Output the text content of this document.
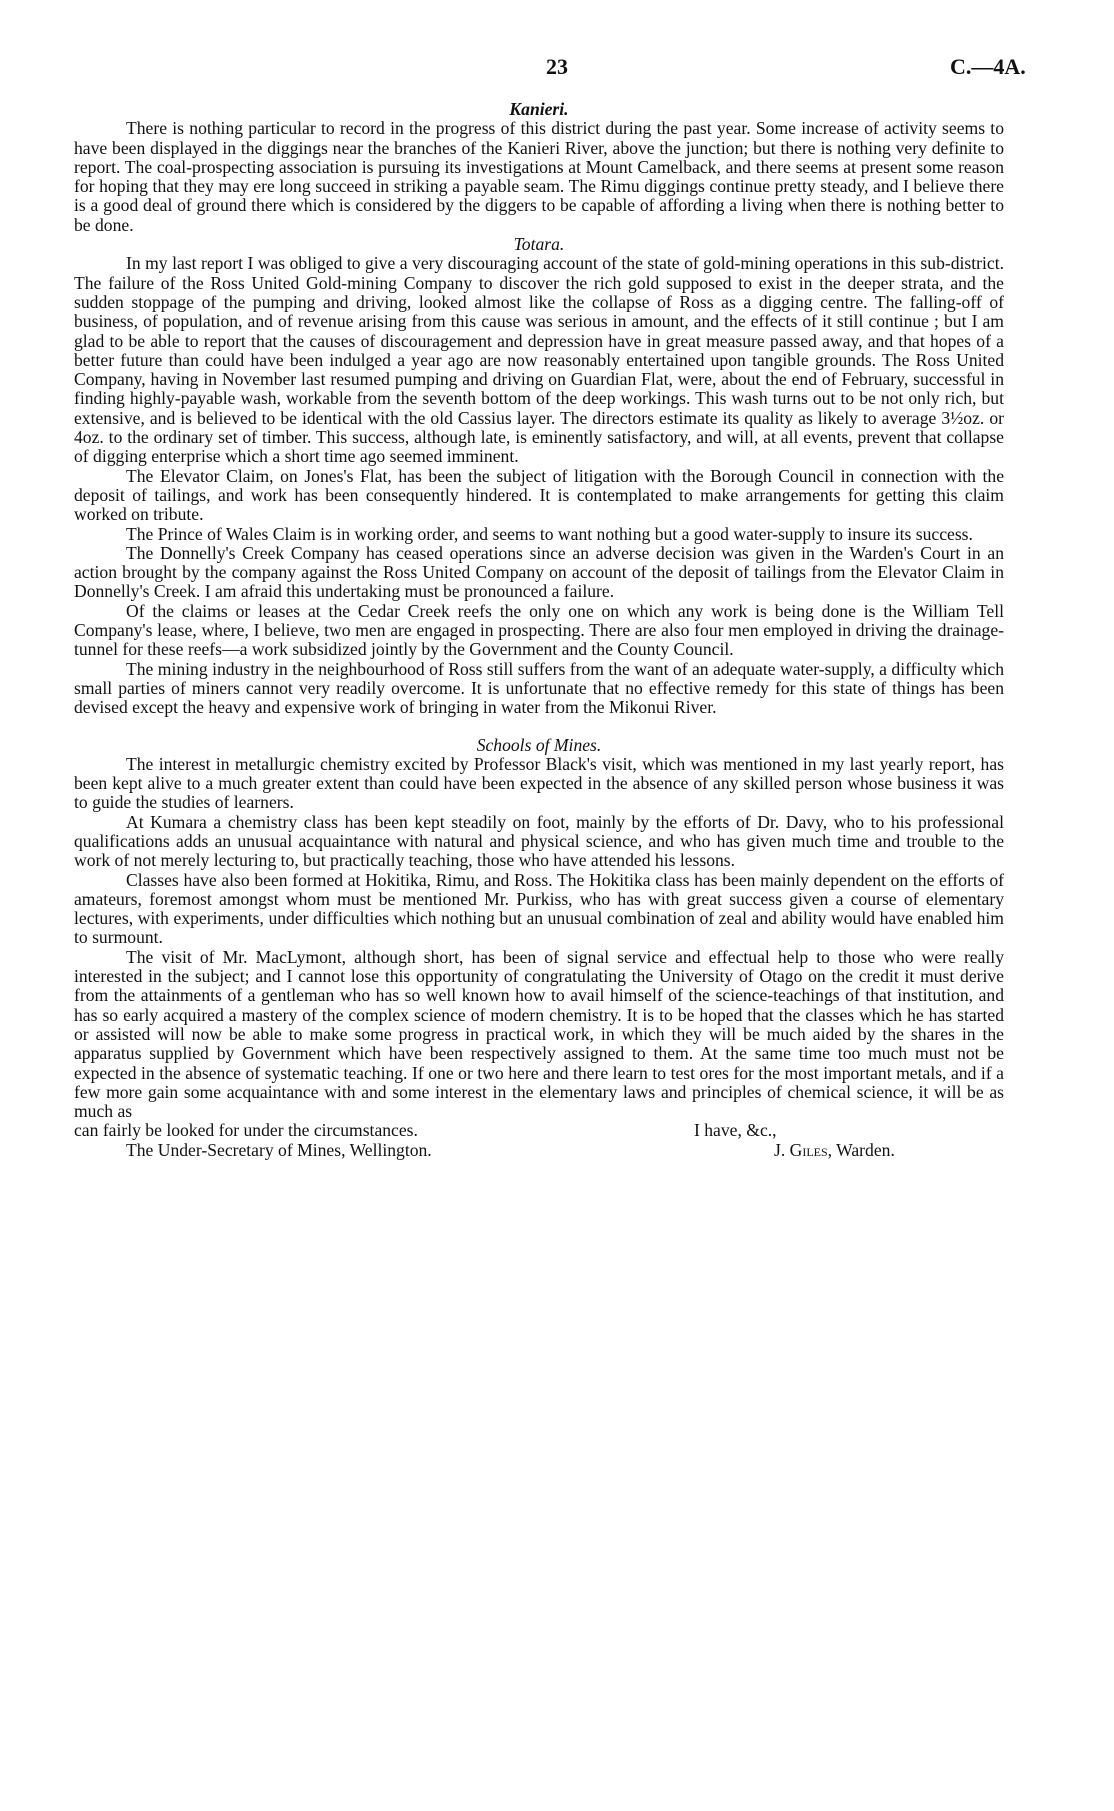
23	C.—4A.
Kanieri.

There is nothing particular to record in the progress of this district during the past year. Some increase of activity seems to have been displayed in the diggings near the branches of the Kanieri River, above the junction; but there is nothing very definite to report. The coal-prospecting association is pursuing its investigations at Mount Camelback, and there seems at present some reason for hoping that they may ere long succeed in striking a payable seam. The Rimu diggings continue pretty steady, and I believe there is a good deal of ground there which is considered by the diggers to be capable of affording a living when there is nothing better to be done.

Totara.

In my last report I was obliged to give a very discouraging account of the state of gold-mining operations in this sub-district. The failure of the Ross United Gold-mining Company to discover the rich gold supposed to exist in the deeper strata, and the sudden stoppage of the pumping and driving, looked almost like the collapse of Ross as a digging centre. The falling-off of business, of population, and of revenue arising from this cause was serious in amount, and the effects of it still continue ; but I am glad to be able to report that the causes of discouragement and depression have in great measure passed away, and that hopes of a better future than could have been indulged a year ago are now reasonably entertained upon tangible grounds. The Ross United Company, having in November last resumed pumping and driving on Guardian Flat, were, about the end of February, successful in finding highly-payable wash, workable from the seventh bottom of the deep workings. This wash turns out to be not only rich, but extensive, and is believed to be identical with the old Cassius layer. The directors estimate its quality as likely to average 3½oz. or 4oz. to the ordinary set of timber. This success, although late, is eminently satisfactory, and will, at all events, prevent that collapse of digging enterprise which a short time ago seemed imminent.

The Elevator Claim, on Jones's Flat, has been the subject of litigation with the Borough Council in connection with the deposit of tailings, and work has been consequently hindered. It is contemplated to make arrangements for getting this claim worked on tribute.

The Prince of Wales Claim is in working order, and seems to want nothing but a good water-supply to insure its success.

The Donnelly's Creek Company has ceased operations since an adverse decision was given in the Warden's Court in an action brought by the company against the Ross United Company on account of the deposit of tailings from the Elevator Claim in Donnelly's Creek. I am afraid this undertaking must be pronounced a failure.

Of the claims or leases at the Cedar Creek reefs the only one on which any work is being done is the William Tell Company's lease, where, I believe, two men are engaged in prospecting. There are also four men employed in driving the drainage-tunnel for these reefs—a work subsidized jointly by the Government and the County Council.

The mining industry in the neighbourhood of Ross still suffers from the want of an adequate water-supply, a difficulty which small parties of miners cannot very readily overcome. It is unfortunate that no effective remedy for this state of things has been devised except the heavy and expensive work of bringing in water from the Mikonui River.

Schools of Mines.

The interest in metallurgic chemistry excited by Professor Black's visit, which was mentioned in my last yearly report, has been kept alive to a much greater extent than could have been expected in the absence of any skilled person whose business it was to guide the studies of learners.

At Kumara a chemistry class has been kept steadily on foot, mainly by the efforts of Dr. Davy, who to his professional qualifications adds an unusual acquaintance with natural and physical science, and who has given much time and trouble to the work of not merely lecturing to, but practically teaching, those who have attended his lessons.

Classes have also been formed at Hokitika, Rimu, and Ross. The Hokitika class has been mainly dependent on the efforts of amateurs, foremost amongst whom must be mentioned Mr. Purkiss, who has with great success given a course of elementary lectures, with experiments, under difficulties which nothing but an unusual combination of zeal and ability would have enabled him to surmount.

The visit of Mr. MacLymont, although short, has been of signal service and effectual help to those who were really interested in the subject; and I cannot lose this opportunity of congratulating the University of Otago on the credit it must derive from the attainments of a gentleman who has so well known how to avail himself of the science-teachings of that institution, and has so early acquired a mastery of the complex science of modern chemistry. It is to be hoped that the classes which he has started or assisted will now be able to make some progress in practical work, in which they will be much aided by the shares in the apparatus supplied by Government which have been respectively assigned to them. At the same time too much must not be expected in the absence of systematic teaching. If one or two here and there learn to test ores for the most important metals, and if a few more gain some acquaintance with and some interest in the elementary laws and principles of chemical science, it will be as much as

can fairly be looked for under the circumstances.	I have, &c.,
The Under-Secretary of Mines, Wellington.	J. Giles, Warden.
